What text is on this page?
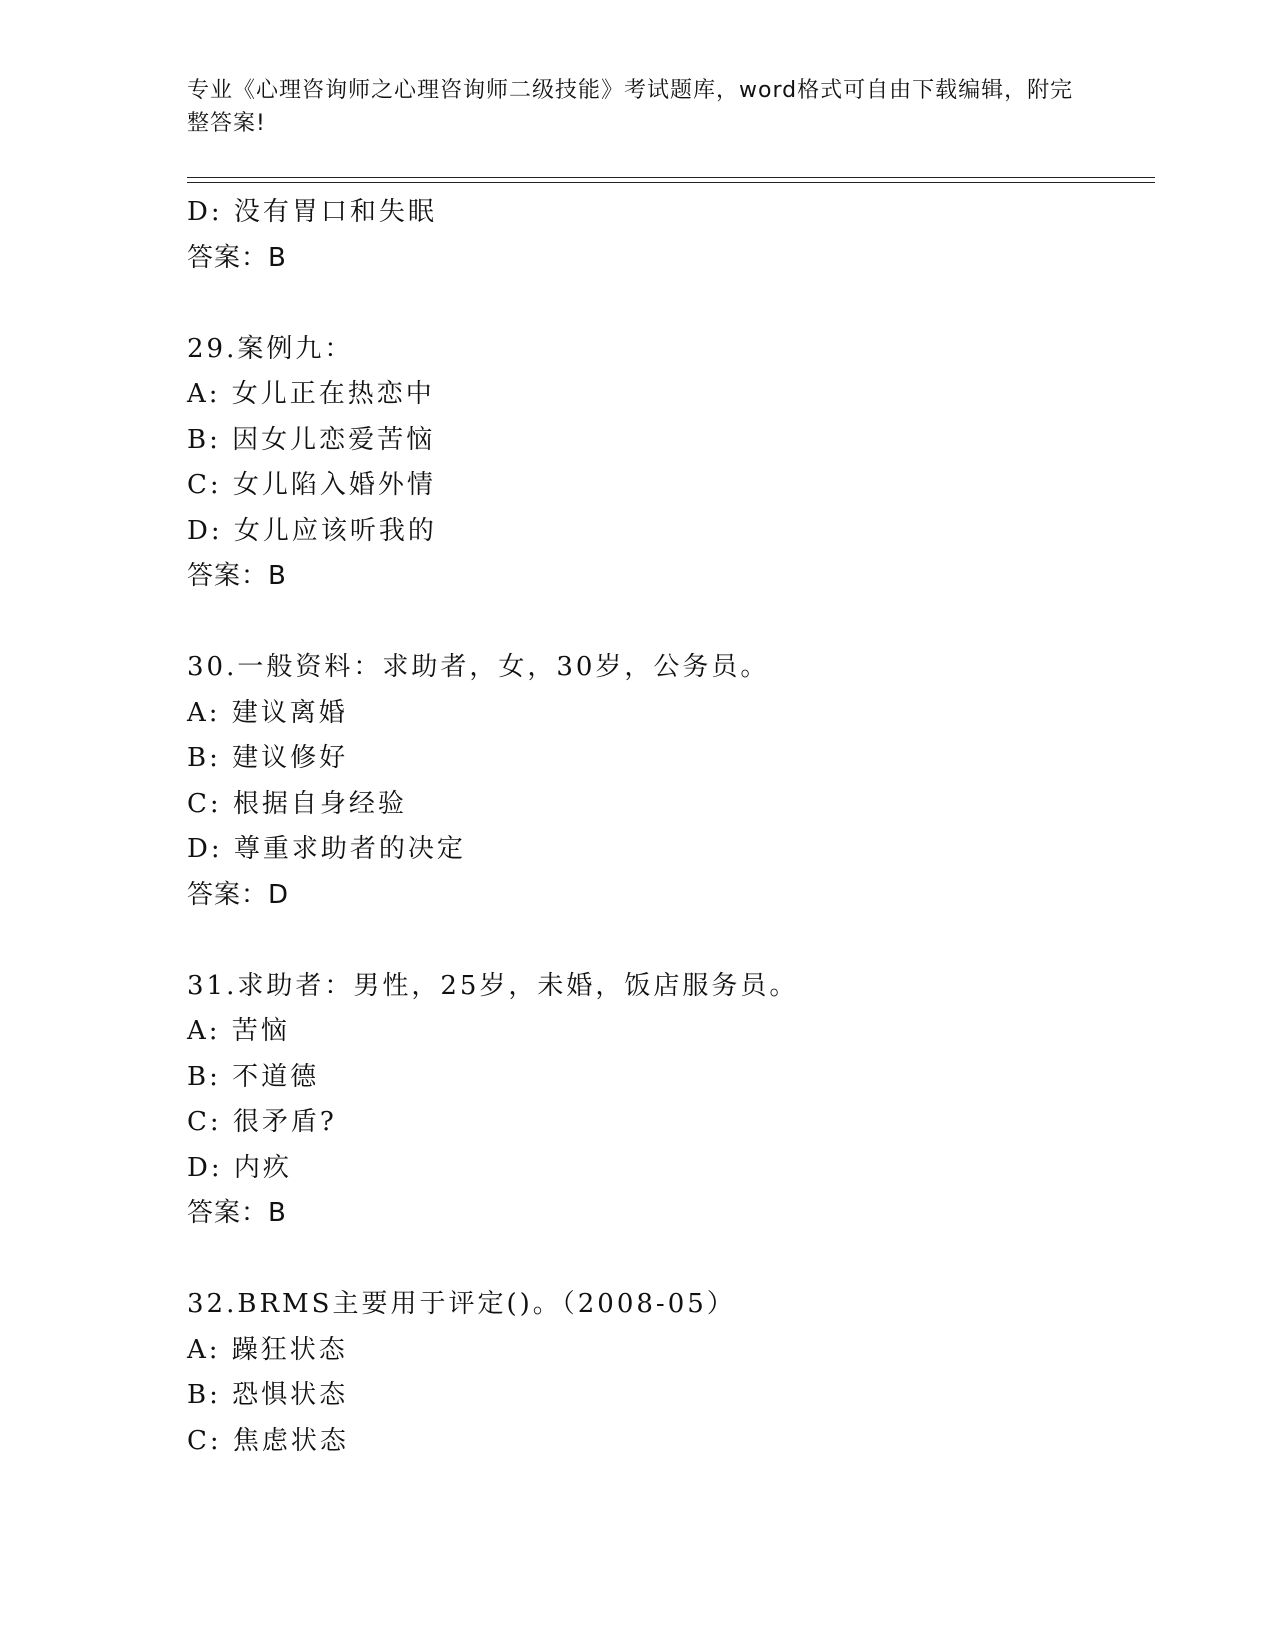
专业《心理咨询师之心理咨询师二级技能》考试题库，word格式可自由下载编辑，附完整答案!
D: 没有胃口和失眠
答案：B
29.案例九：
A: 女儿正在热恋中
B: 因女儿恋爱苦恼
C: 女儿陷入婚外情
D: 女儿应该听我的
答案：B
30.一般资料：求助者，女，30岁，公务员。
A: 建议离婚
B: 建议修好
C: 根据自身经验
D: 尊重求助者的决定
答案：D
31.求助者：男性，25岁，未婚，饭店服务员。
A: 苦恼
B: 不道德
C: 很矛盾?
D: 内疚
答案：B
32.BRMS主要用于评定()。（2008-05）
A: 躁狂状态
B: 恐惧状态
C: 焦虑状态
